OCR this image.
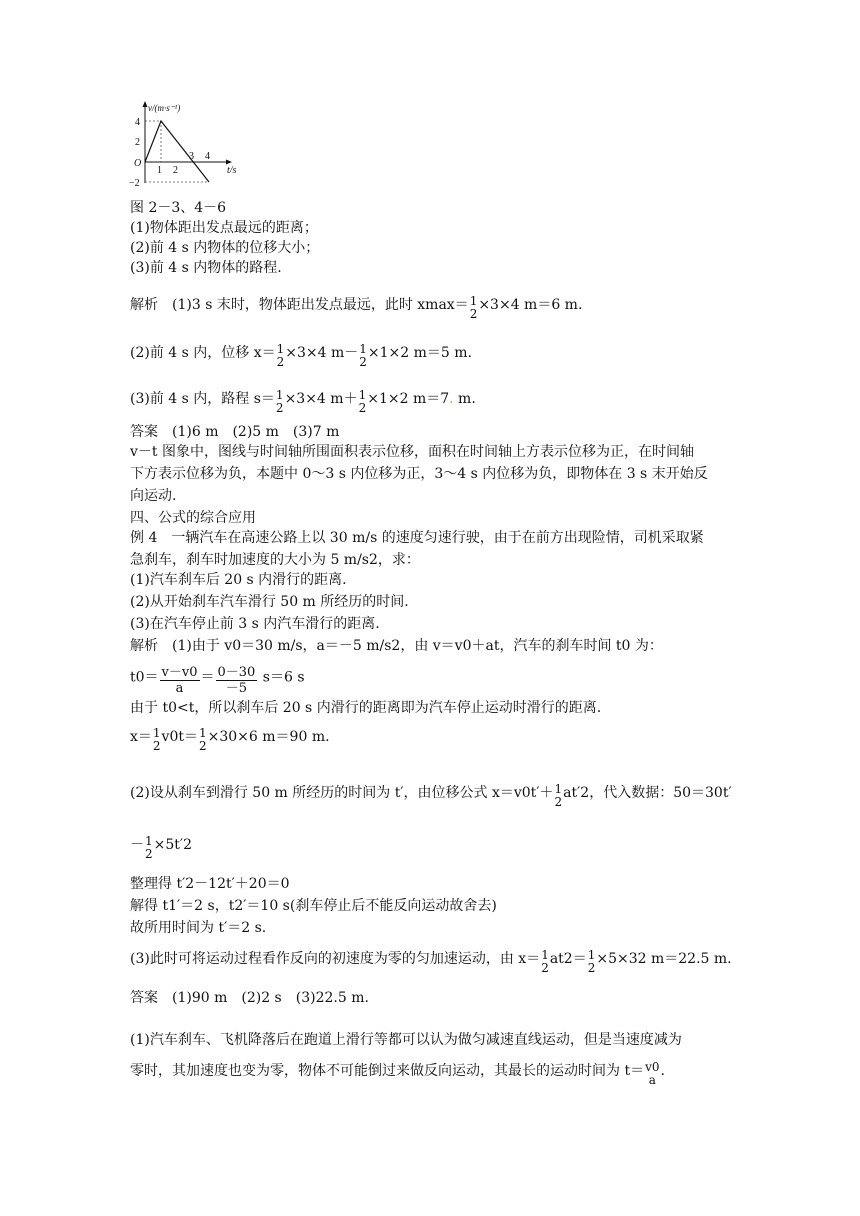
v/(m·s⁻¹)
t/s
O
4
2
−2
1 2
3 4
图 2－3、4－6
(1)物体距出发点最远的距离；
(2)前 4 s 内物体的位移大小；
(3)前 4 s 内物体的路程.
解析　(1)3 s 末时，物体距出发点最远，此时 xmax＝ 1
2
×3×4 m＝6 m.
(2)前 4 s 内，位移 x＝ 1
2
×3×4 m－ 1
2
×1×2 m＝5 m.
(3)前 4 s 内，路程 s＝ 1
2
×3×4 m＋ 1
2
×1×2 m＝7. m.
答案　(1)6 m　(2)5 m　(3)7 m
v－t 图象中，图线与时间轴所围面积表示位移，面积在时间轴上方表示位移为正，在时间轴
下方表示位移为负，本题中 0～3 s 内位移为正，3～4 s 内位移为负，即物体在 3 s 末开始反
向运动.
四、公式的综合应用
例 4　一辆汽车在高速公路上以 30 m/s 的速度匀速行驶，由于在前方出现险情，司机采取紧
急刹车，刹车时加速度的大小为 5 m/s2，求：
(1)汽车刹车后 20 s 内滑行的距离.
(2)从开始刹车汽车滑行 50 m 所经历的时间.
(3)在汽车停止前 3 s 内汽车滑行的距离.
解析　(1)由于 v0＝30 m/s，a＝－5 m/s2，由 v＝v0＋at，汽车的刹车时间 t0 为：
$t0= \frac{v-v0}{a} = \frac{0-30}{-5} s=6$ s
由于 t0<t，所以刹车后 20 s 内滑行的距离即为汽车停止运动时滑行的距离.
x＝ 1
2
v0t＝ 1
2
×30×6 m＝90 m.
(2)设从刹车到滑行 50 m 所经历的时间为 t′，由位移公式 x＝v0t′＋ 1
2
at′2，代入数据：50＝30t′
－ 1
2
×5t′2
整理得 t′2－12t′＋20＝0
解得 t1′＝2 s，t2′＝10 s(刹车停止后不能反向运动故舍去)
故所用时间为 t′＝2 s.
(3)此时可将运动过程看作反向的初速度为零的匀加速运动，由 x＝ 1
2
at2＝ 1
2
×5×32 m＝22.5 m.
答案　(1)90 m　(2)2 s　(3)22.5 m.
(1)汽车刹车、飞机降落后在跑道上滑行等都可以认为做匀减速直线运动，但是当速度减为
零时，其加速度也变为零，物体不可能倒过来做反向运动，其最长的运动时间为 t＝ v0
a
.
